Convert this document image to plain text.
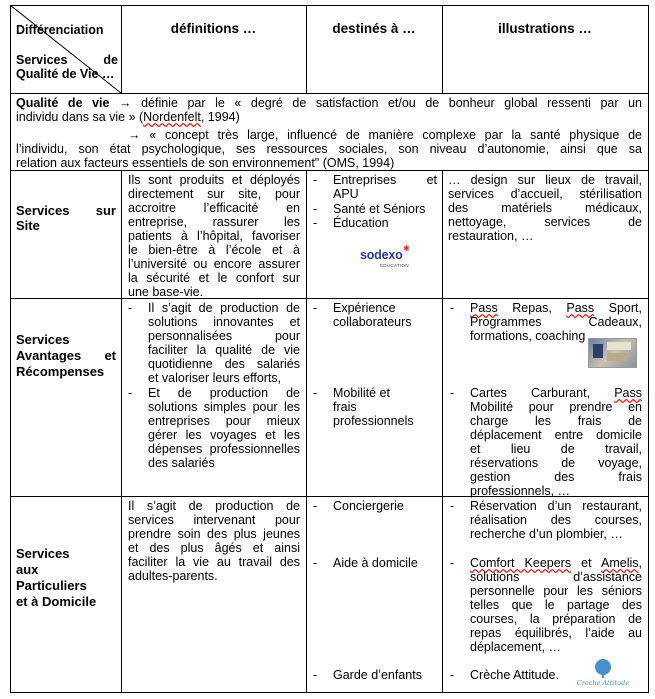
Différenciation
Services de Qualité de Vie …
définitions …	destinés à …	illustrations …
Qualité de vie → définie par le « degré de satisfaction et/ou de bonheur global ressenti par un
individu dans sa vie » (Nordenfelt, 1994)
→ « concept très large, influencé de manière complexe par la santé physique de
l’individu, son état psychologique, ses ressources sociales, son niveau d’autonomie, ainsi que sa
relation aux facteurs essentiels de son environnement" (OMS, 1994)
Services sur
Site
Ils sont produits et déployés
directement sur site, pour
accroitre l’efficacité en
entreprise, rassurer les
patients à l’hôpital, favoriser
le bien-être à l’école et à
l’université ou encore assurer
la sécurité et le confort sur
une base-vie.
- Entreprises et
APU
- Santé et Séniors
- Éducation
sodexo ✱
EDUCATION
… design sur lieux de travail,
services d’accueil, stérilisation
des matériels médicaux,
nettoyage, services de
restauration, …
Services
Avantages et
Récompenses
- Il s’agit de production de
solutions innovantes et
personnalisées pour
faciliter la qualité de vie
quotidienne des salariés
et valoriser leurs efforts,
- Et de production de
solutions simples pour les
entreprises pour mieux
gérer les voyages et les
dépenses professionnelles
des salariés
- Expérience
collaborateurs
- Mobilité et
frais
professionnels
- Pass Repas, Pass Sport,
Programmes Cadeaux,
formations, coaching
- Cartes Carburant, Pass
Mobilité pour prendre en
charge les frais de
déplacement entre domicile
et lieu de travail,
réservations de voyage,
gestion des frais
professionnels, …
Services
aux
Particuliers
et à Domicile
Il s’agit de production de
services intervenant pour
prendre soin des plus jeunes
et des plus âgés et ainsi
faciliter la vie au travail des
adultes-parents.
- Conciergerie
- Aide à domicile
- Garde d’enfants
- Réservation d’un restaurant,
réalisation des courses,
recherche d’un plombier, …
- Comfort Keepers et Amelis,
solutions d’assistance
personnelle pour les séniors
telles que le partage des
courses, la préparation de
repas équilibrés, l’aide au
déplacement, …
- Crèche Attitude.
Crèche Attitude
